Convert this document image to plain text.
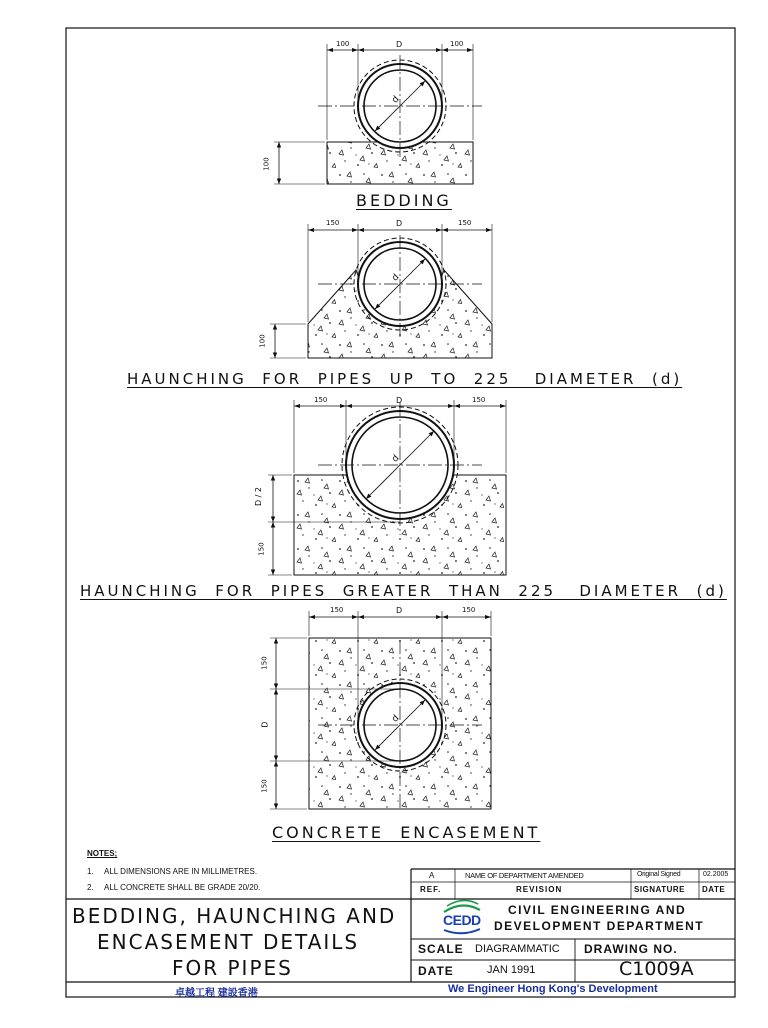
100	D	100
100
d
BEDDING
150	D	150
100
d
HAUNCHING  FOR  PIPES  UP  TO  225   DIAMETER  (d)
150	D	150
D / 2
150
d
HAUNCHING  FOR  PIPES  GREATER  THAN  225   DIAMETER  (d)
150	D	150
150
D
150
d
CONCRETE  ENCASEMENT
NOTES;
1. ALL DIMENSIONS ARE IN MILLIMETRES.
2. ALL CONCRETE SHALL BE GRADE 20/20.
A	NAME OF DEPARTMENT AMENDED	Original Signed	02.2005
REF.	REVISION	SIGNATURE DATE
BEDDING, HAUNCHING AND
ENCASEMENT DETAILS
FOR PIPES
CEDD
CIVIL ENGINEERING AND
DEVELOPMENT DEPARTMENT
SCALE DIAGRAMMATIC DRAWING NO.
DATE	JAN 1991	C1009A
卓越工程 建設香港	We Engineer Hong Kong's Development
